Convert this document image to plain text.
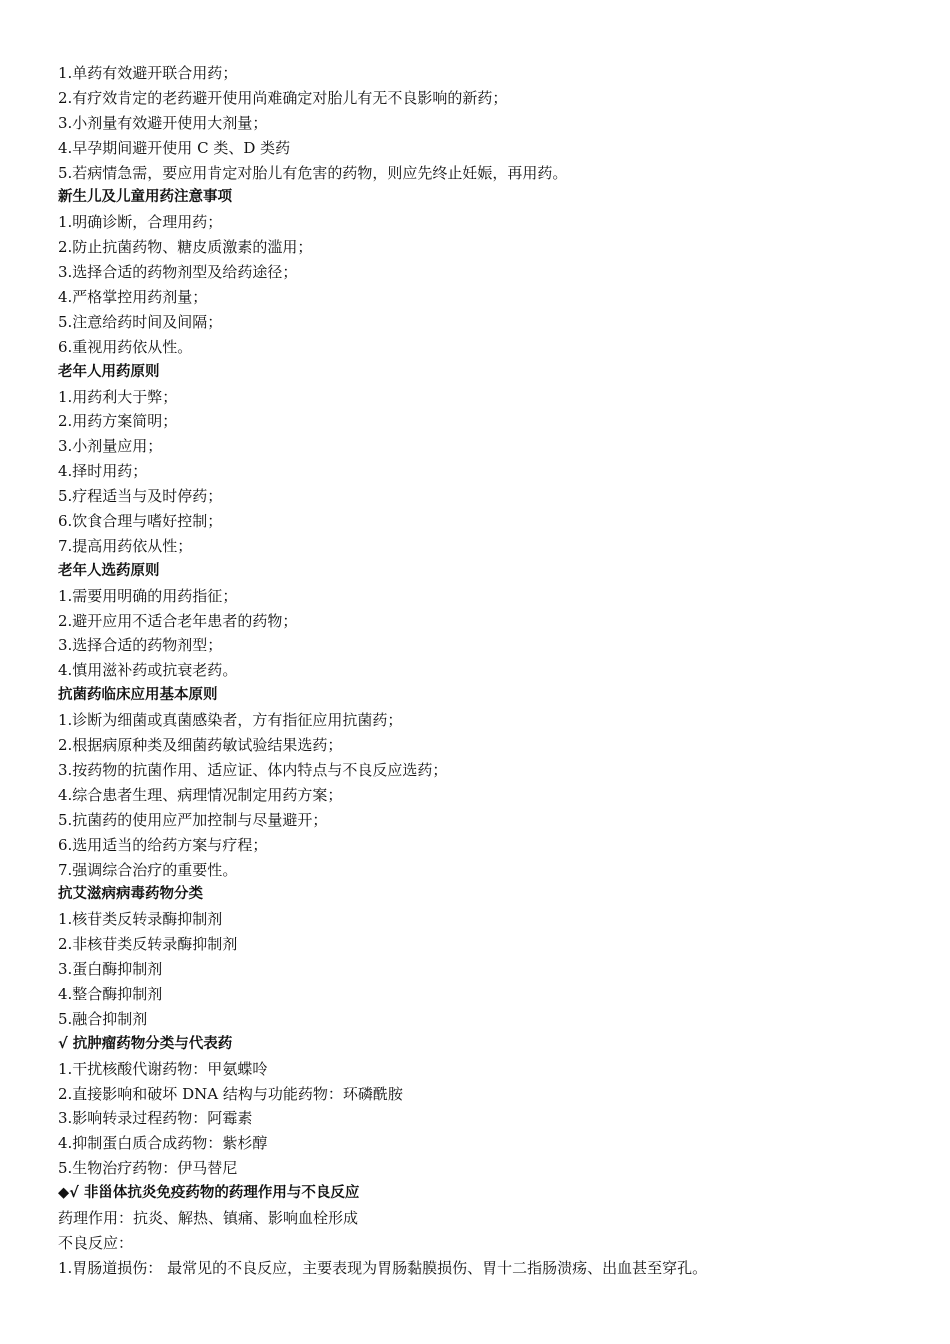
1.单药有效避开联合用药；
2.有疗效肯定的老药避开使用尚难确定对胎儿有无不良影响的新药；
3.小剂量有效避开使用大剂量；
4.早孕期间避开使用 C 类、D 类药
5.若病情急需，要应用肯定对胎儿有危害的药物，则应先终止妊娠，再用药。
新生儿及儿童用药注意事项
1.明确诊断，合理用药；
2.防止抗菌药物、糖皮质激素的滥用；
3.选择合适的药物剂型及给药途径；
4.严格掌控用药剂量；
5.注意给药时间及间隔；
6.重视用药依从性。
老年人用药原则
1.用药利大于弊；
2.用药方案简明；
3.小剂量应用；
4.择时用药；
5.疗程适当与及时停药；
6.饮食合理与嗜好控制；
7.提高用药依从性；
老年人选药原则
1.需要用明确的用药指征；
2.避开应用不适合老年患者的药物；
3.选择合适的药物剂型；
4.慎用滋补药或抗衰老药。
抗菌药临床应用基本原则
1.诊断为细菌或真菌感染者，方有指征应用抗菌药；
2.根据病原种类及细菌药敏试验结果选药；
3.按药物的抗菌作用、适应证、体内特点与不良反应选药；
4.综合患者生理、病理情况制定用药方案；
5.抗菌药的使用应严加控制与尽量避开；
6.选用适当的给药方案与疗程；
7.强调综合治疗的重要性。
抗艾滋病病毒药物分类
1.核苷类反转录酶抑制剂
2.非核苷类反转录酶抑制剂
3.蛋白酶抑制剂
4.整合酶抑制剂
5.融合抑制剂
√ 抗肿瘤药物分类与代表药
1.干扰核酸代谢药物：甲氨蝶呤
2.直接影响和破坏 DNA 结构与功能药物：环磷酰胺
3.影响转录过程药物：阿霉素
4.抑制蛋白质合成药物：紫杉醇
5.生物治疗药物：伊马替尼
◆√ 非甾体抗炎免疫药物的药理作用与不良反应
药理作用：抗炎、解热、镇痛、影响血栓形成
不良反应：
1.胃肠道损伤： 最常见的不良反应，主要表现为胃肠黏膜损伤、胃十二指肠溃疡、出血甚至穿孔。
